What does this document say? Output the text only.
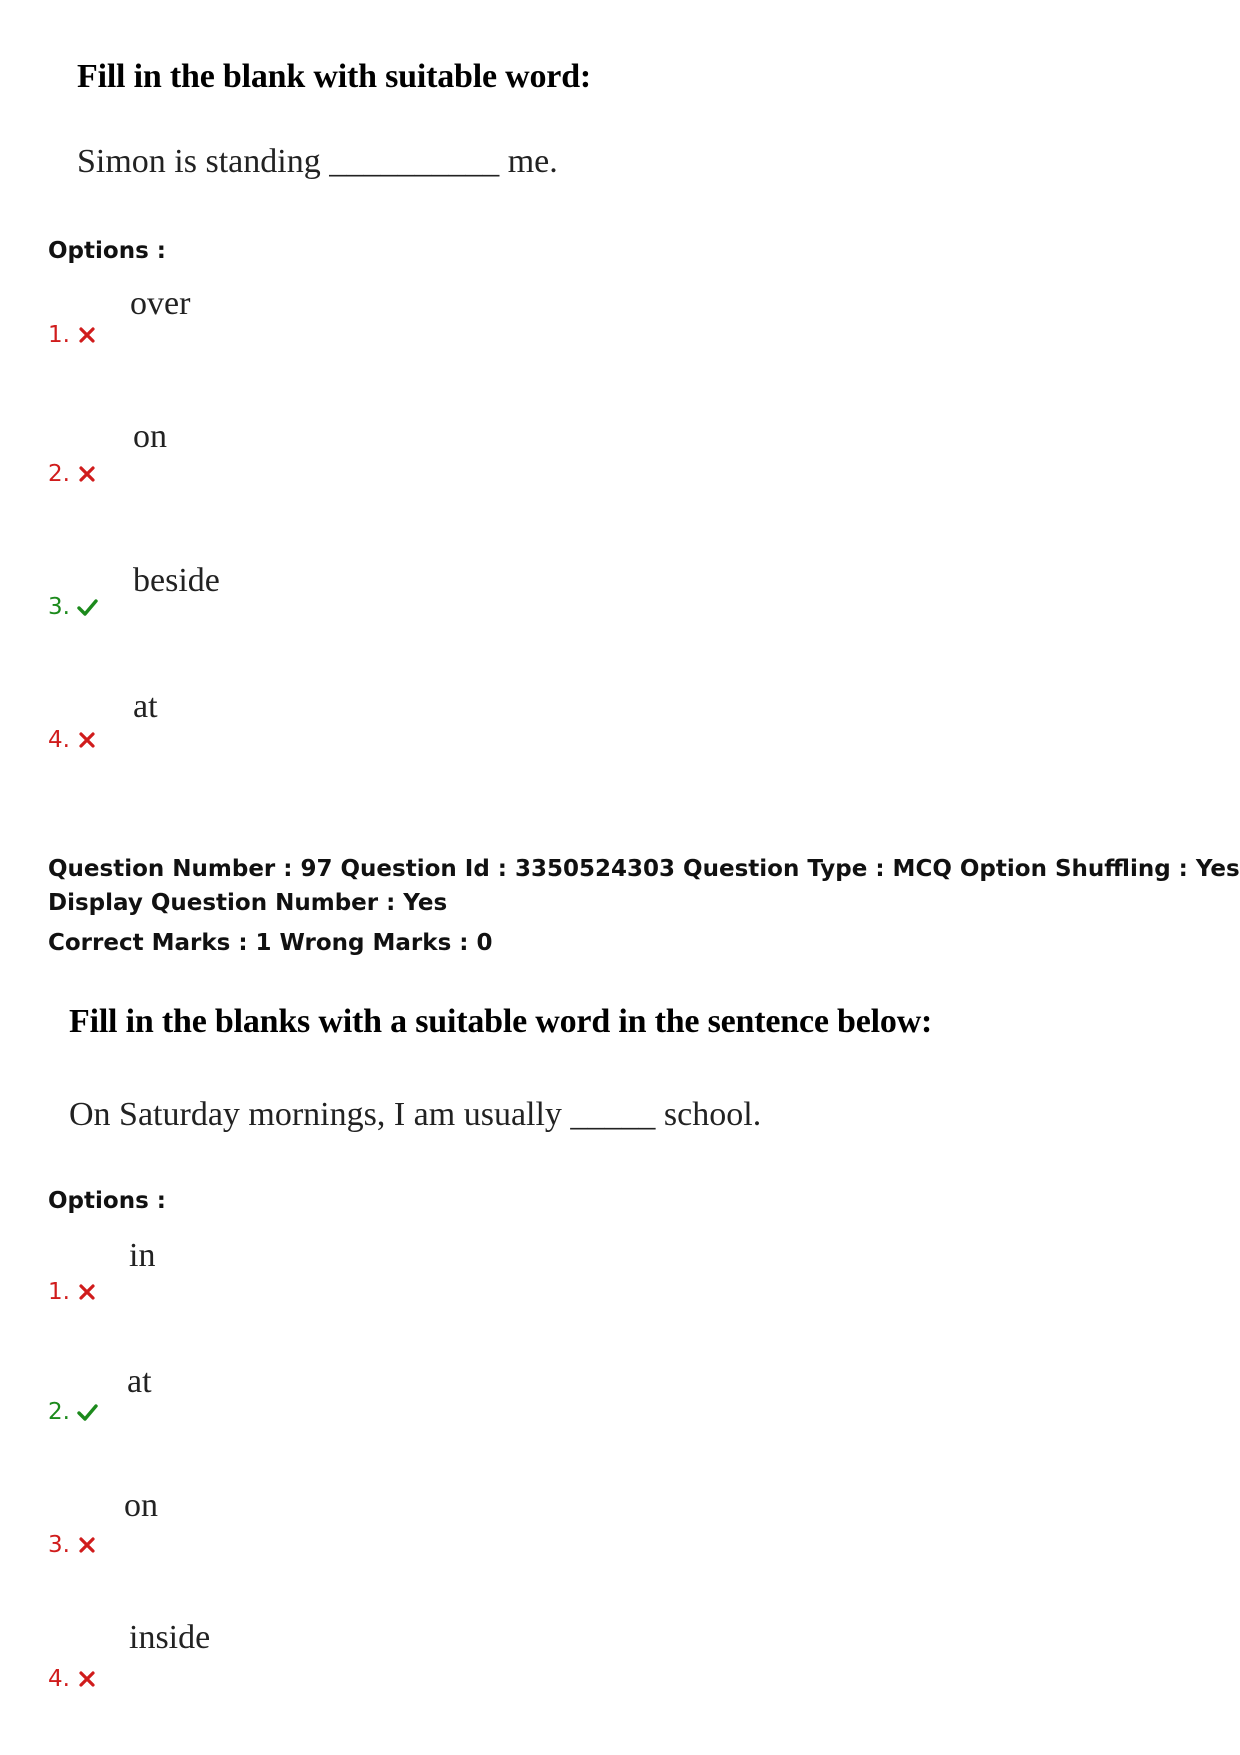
Fill in the blank with suitable word:
Simon is standing __________ me.
Options :
over
1.
on
2.
beside
3.
at
4.
Question Number : 97 Question Id : 3350524303 Question Type : MCQ Option Shuffling : Yes
Display Question Number : Yes
Correct Marks : 1 Wrong Marks : 0
Fill in the blanks with a suitable word in the sentence below:
On Saturday mornings, I am usually _____ school.
Options :
in
1.
at
2.
on
3.
inside
4.
